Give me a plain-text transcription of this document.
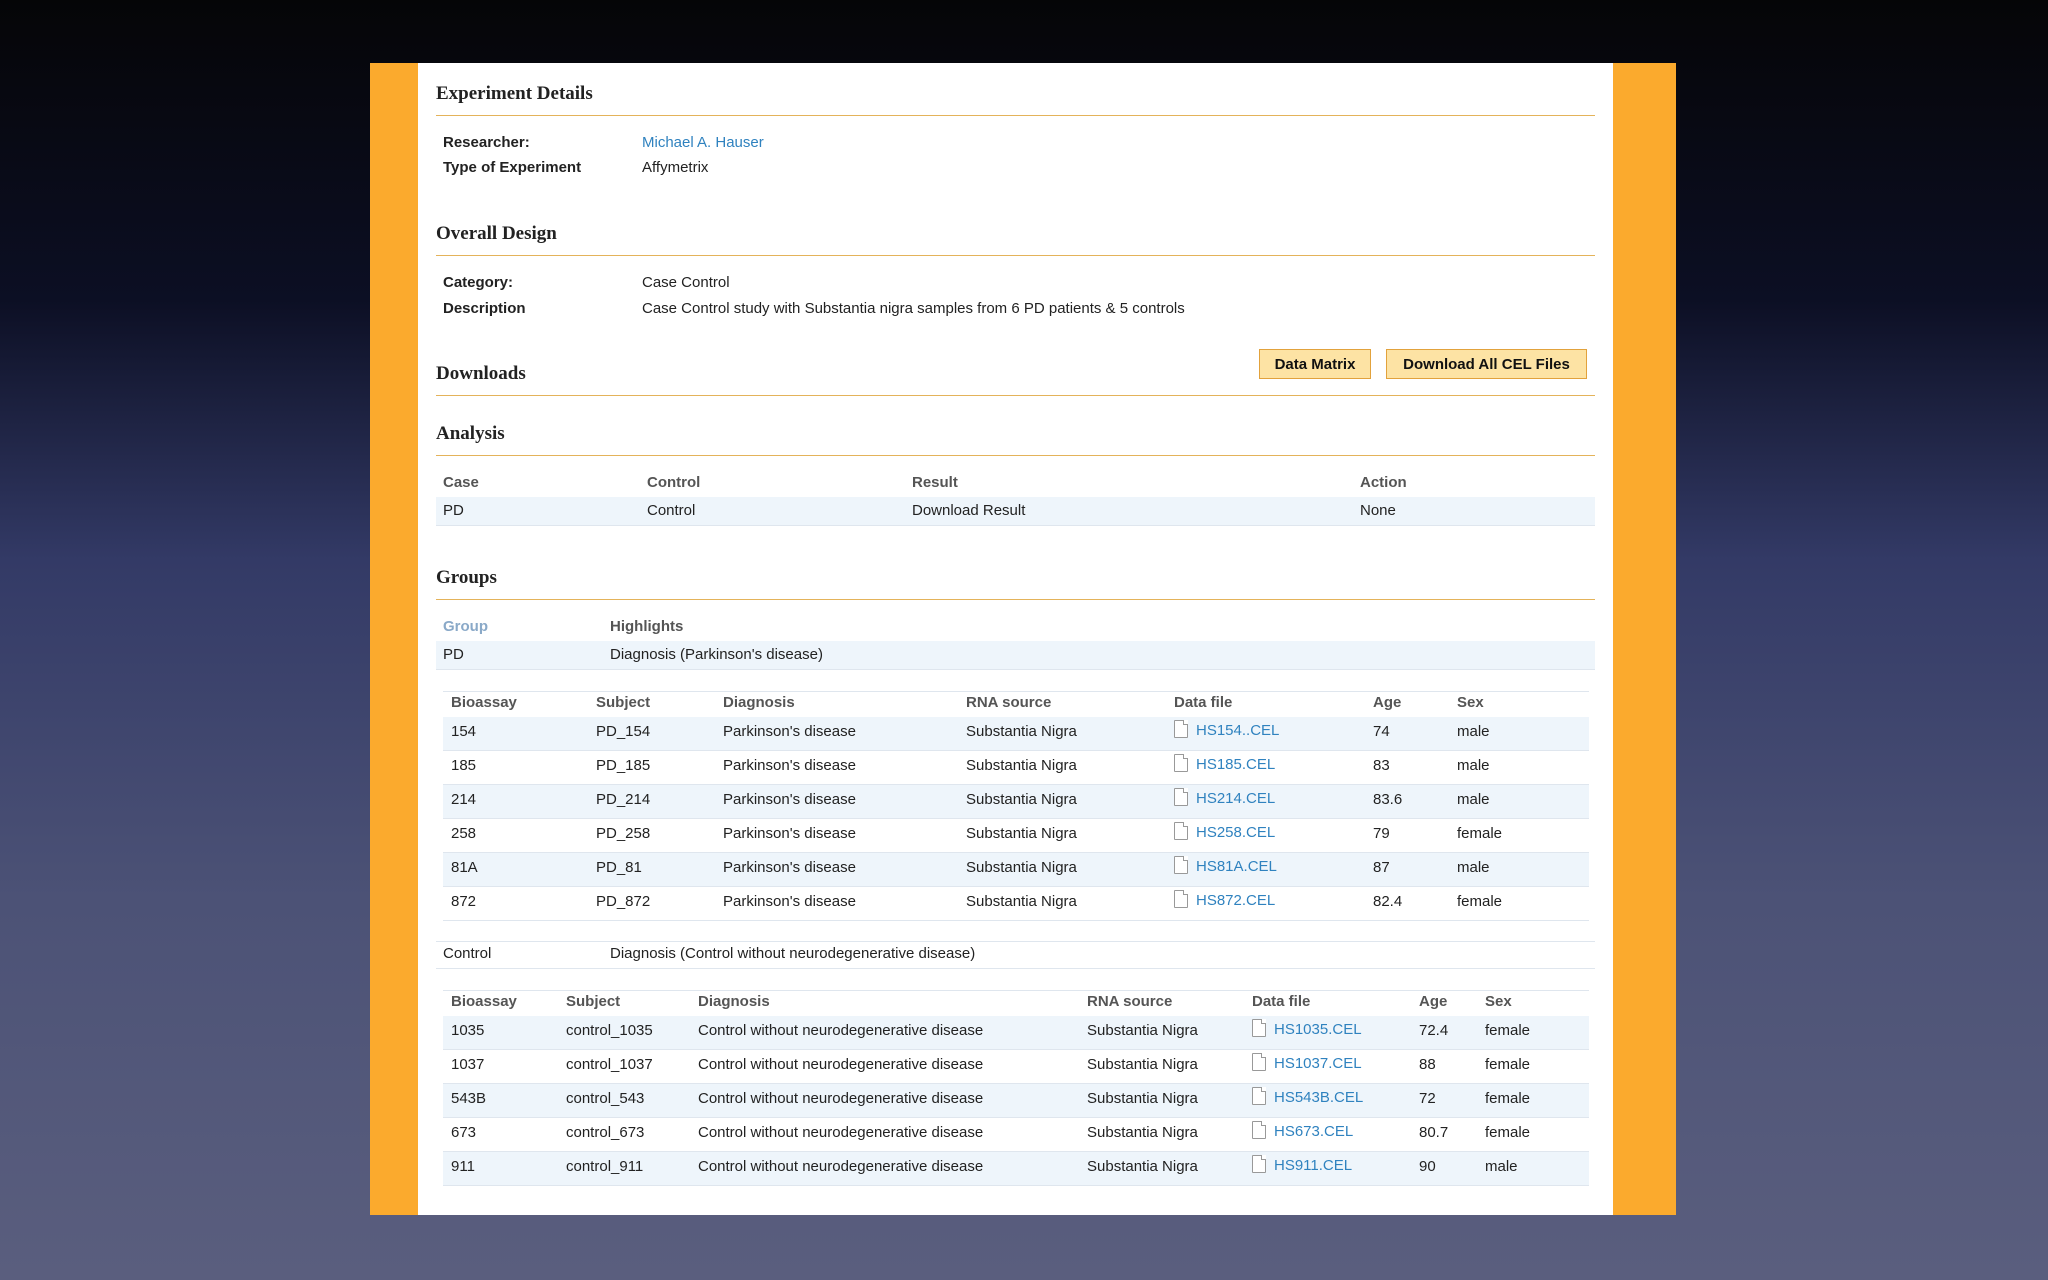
Experiment Details
Researcher:	Michael A. Hauser
Type of Experiment	Affymetrix
Overall Design
Category:	Case Control
Description	Case Control study with Substantia nigra samples from 6 PD patients & 5 controls
Downloads	Data Matrix	Download All CEL Files
Analysis
Case	Control	Result	Action
PD	Control	Download Result	None
Groups
Group	Highlights
PD	Diagnosis (Parkinson's disease)
Bioassay	Subject	Diagnosis	RNA source	Data file	Age	Sex
154	PD_154	Parkinson's disease	Substantia Nigra	HS154..CEL	74	male
185	PD_185	Parkinson's disease	Substantia Nigra	HS185.CEL	83	male
214	PD_214	Parkinson's disease	Substantia Nigra	HS214.CEL	83.6	male
258	PD_258	Parkinson's disease	Substantia Nigra	HS258.CEL	79	female
81A	PD_81	Parkinson's disease	Substantia Nigra	HS81A.CEL	87	male
872	PD_872	Parkinson's disease	Substantia Nigra	HS872.CEL	82.4	female
Control	Diagnosis (Control without neurodegenerative disease)
Bioassay	Subject	Diagnosis	RNA source	Data file	Age	Sex
1035	control_1035	Control without neurodegenerative disease	Substantia Nigra	HS1035.CEL	72.4 female
1037	control_1037	Control without neurodegenerative disease	Substantia Nigra	HS1037.CEL	88	female
543B	control_543	Control without neurodegenerative disease	Substantia Nigra	HS543B.CEL	72	female
673	control_673	Control without neurodegenerative disease	Substantia Nigra	HS673.CEL	80.7 female
911	control_911	Control without neurodegenerative disease	Substantia Nigra	HS911.CEL	90	male
